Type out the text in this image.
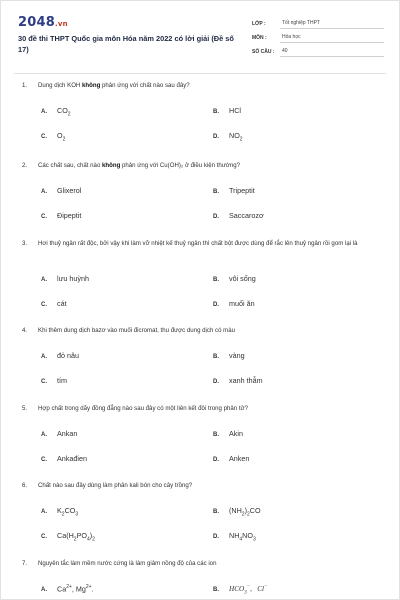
2048.vn
30 đề thi THPT Quốc gia môn Hóa năm 2022 có lời giải (Đề số 17)
LỚP :	Tốt nghiệp THPT
MÔN :	Hóa học
SỐ CÂU :	40
1.	Dung dịch KOH không phản ứng với chất nào sau đây?
A.	$CO_2$	B.	HCl
C.	$O_2$	D.	$NO_2$
2.	Các chất sau, chất nào không phản ứng với Cu(OH)₂ ở điều kiện thường?
A.	Glixerol	B.	Tripeptit
C.	Đipeptit	D.	Saccarozơ
3.	Hơi thuỷ ngân rất độc, bởi vậy khi làm vỡ nhiệt kế thuỷ ngân thì chất bột được dùng để rắc lên thuỷ ngân rồi gom lại là
A.	lưu huỳnh	B.	vôi sống
C.	cát	D.	muối ăn
4.	Khi thêm dung dịch bazơ vào muối đicromat, thu được dung dịch có màu
A.	đỏ nâu	B.	vàng
C.	tím	D.	xanh thẫm
5.	Hợp chất trong dãy đồng đẳng nào sau đây có một liên kết đôi trong phân tử?
A.	Ankan	B.	Akin
C.	Ankađien	D.	Anken
6.	Chất nào sau đây dùng làm phân kali bón cho cây trồng?
A.	$K_2CO_3$	B.	$(NH_2)_2CO$
C.	$Ca(H_2PO_4)_2$	D.	$NH_4NO_3$
7.	Nguyên tắc làm mềm nước cứng là làm giảm nồng độ của các ion
A.	$Ca^{2+}$, $Mg^{2+}$.	B.	$HCO_3^-$,   Cl−
